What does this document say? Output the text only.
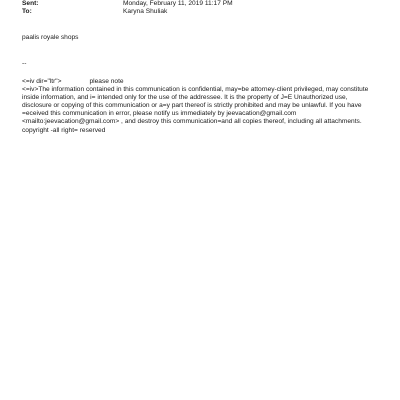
Sent:	Monday, February 11, 2019 11:17 PM
To:	Karyna Shuliak
paalis royale shops
--
<=iv dir="ltr">	please note
<=iv>The information contained in this communication is confidential, may=be attorney-client privileged, may constitute
inside information, and i= intended only for the use of the addressee. It is the property of J=E Unauthorized use,
disclosure or copying of this communication or a=y part thereof is strictly prohibited and may be unlawful. If you have
=eceived this communication in error, please notify us immediately by jeevacation@gmail.com
<mailto:jeevacation@gmail.com> , and destroy this communication=and all copies thereof, including all attachments.
copyright -all right= reserved
